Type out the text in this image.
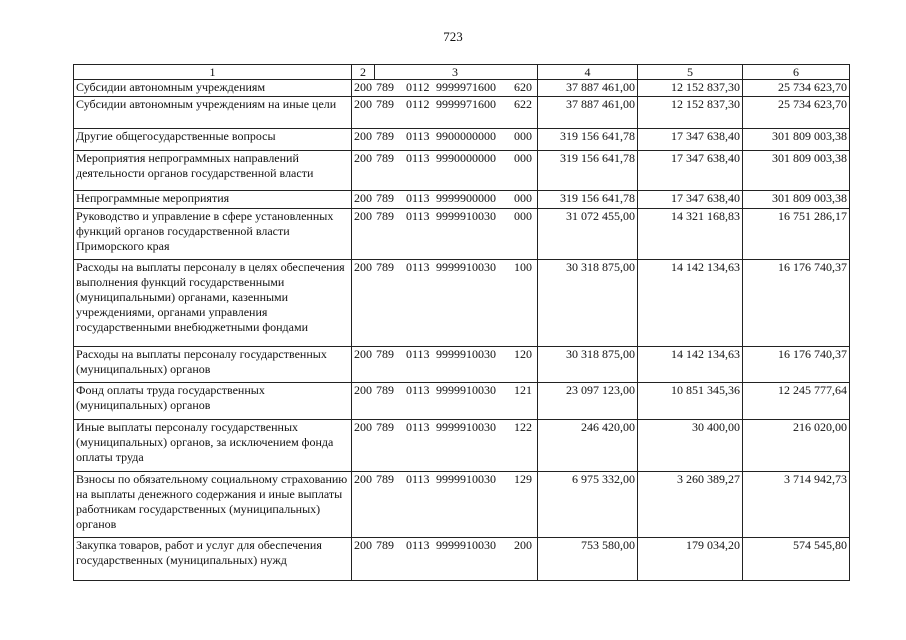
723
1	2 3	4	5	6
Субсидии автономным учреждениям	200 789 0112 9999971600 620	37 887 461,00	12 152 837,30	25 734 623,70
Субсидии автономным учреждениям на иные цели	200 789 0112 9999971600 622	37 887 461,00	12 152 837,30	25 734 623,70
Другие общегосударственные вопросы	200 789 0113 9900000000 000	319 156 641,78	17 347 638,40	301 809 003,38
Мероприятия непрограммных направлений деятельности органов государственной власти	200 789 0113 9990000000 000	319 156 641,78	17 347 638,40	301 809 003,38
Непрограммные мероприятия	200 789 0113 9999900000 000	319 156 641,78	17 347 638,40	301 809 003,38
Руководство и управление в сфере установленных функций органов государственной власти Приморского края	200 789 0113 9999910030 000	31 072 455,00	14 321 168,83	16 751 286,17
Расходы на выплаты персоналу в целях обеспечения выполнения функций государственными (муниципальными) органами, казенными учреждениями, органами управления государственными внебюджетными фондами	200 789 0113 9999910030 100	30 318 875,00	14 142 134,63	16 176 740,37
Расходы на выплаты персоналу государственных (муниципальных) органов	200 789 0113 9999910030 120	30 318 875,00	14 142 134,63	16 176 740,37
Фонд оплаты труда государственных (муниципальных) органов	200 789 0113 9999910030 121	23 097 123,00	10 851 345,36	12 245 777,64
Иные выплаты персоналу государственных (муниципальных) органов, за исключением фонда оплаты труда	200 789 0113 9999910030 122	246 420,00	30 400,00	216 020,00
Взносы по обязательному социальному страхованию на выплаты денежного содержания и иные выплаты работникам государственных (муниципальных) органов	200 789 0113 9999910030 129	6 975 332,00	3 260 389,27	3 714 942,73
Закупка товаров, работ и услуг для обеспечения государственных (муниципальных) нужд	200 789 0113 9999910030 200	753 580,00	179 034,20	574 545,80
